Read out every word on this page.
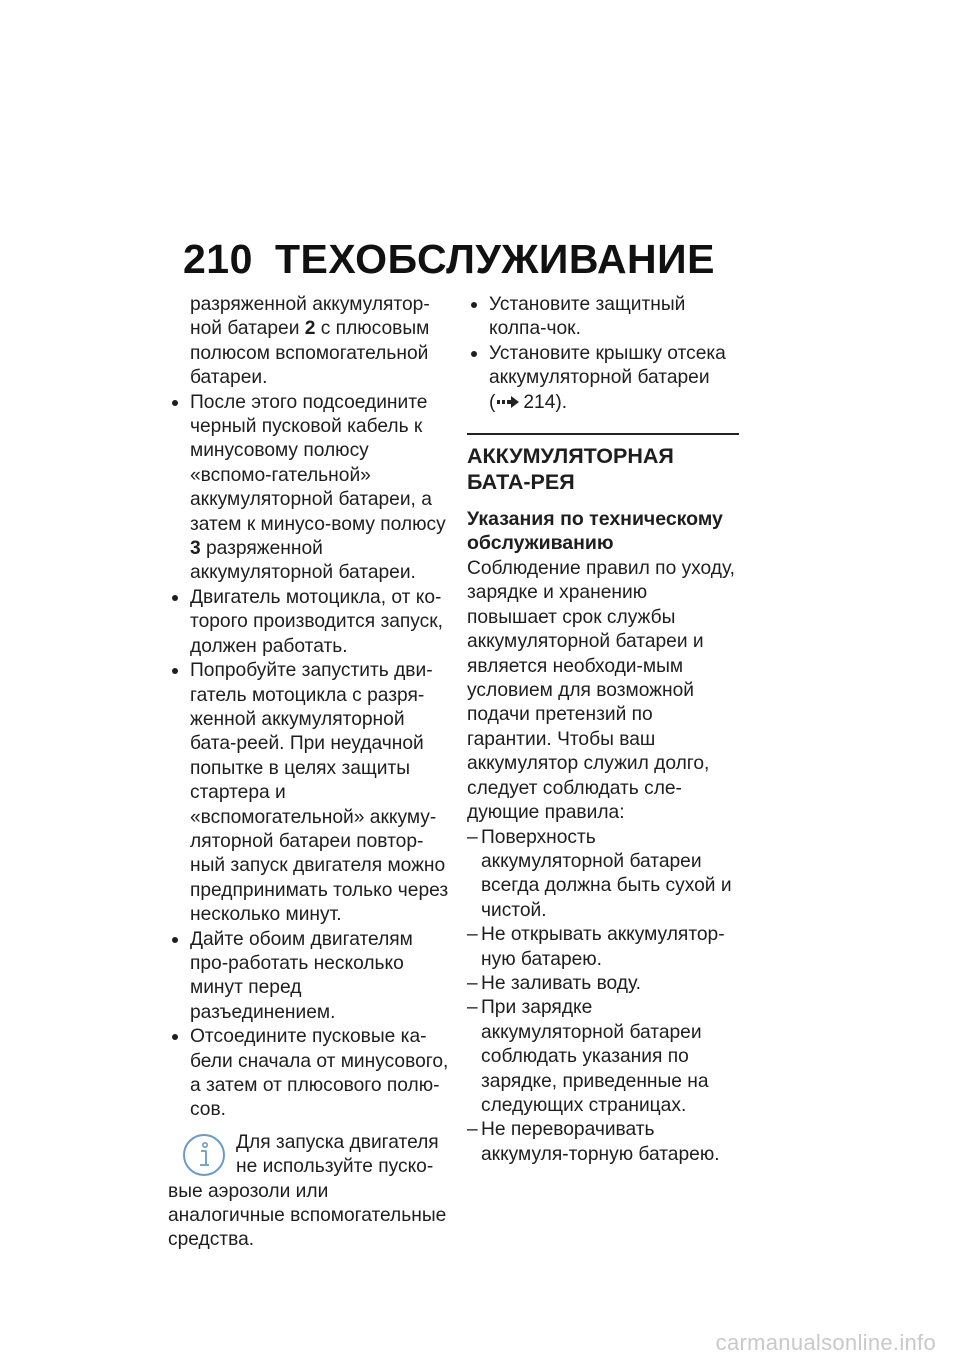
210 ТЕХОБСЛУЖИВАНИЕ

разряженной аккумулятор-ной батареи 2 с плюсовым полюсом вспомогательной батареи.

После этого подсоедините черный пусковой кабель к минусовому полюсу «вспомо-гательной» аккумуляторной батареи, а затем к минусо-вому полюсу 3 разряженной аккумуляторной батареи.

Двигатель мотоцикла, от ко-торого производится запуск, должен работать.

Попробуйте запустить дви-гатель мотоцикла с разря-женной аккумуляторной бата-реей. При неудачной попытке в целях защиты стартера и «вспомогательной» аккуму-ляторной батареи повтор-ный запуск двигателя можно предпринимать только через несколько минут.

Дайте обоим двигателям про-работать несколько минут перед разъединением.

Отсоедините пусковые ка-бели сначала от минусового, а затем от плюсового полю-сов.

Для запуска двигателя не используйте пуско-вые аэрозоли или аналогичные вспомогательные средства.

Установите защитный колпа-чок.

Установите крышку отсека аккумуляторной батареи
( 214).

АККУМУЛЯТОРНАЯ БАТА-РЕЯ
Указания по техническому обслуживанию

Соблюдение правил по уходу, зарядке и хранению повышает срок службы аккумуляторной батареи и является необходи-мым условием для возможной подачи претензий по гарантии. Чтобы ваш аккумулятор служил долго, следует соблюдать сле-дующие правила:

– Поверхность аккумуляторной батареи всегда должна быть сухой и чистой.

– Не открывать аккумулятор-ную батарею.

– Не заливать воду.

– При зарядке аккумуляторной батареи соблюдать указания по зарядке, приведенные на следующих страницах.

– Не переворачивать аккумуля-торную батарею.

carmanualsonline.info
